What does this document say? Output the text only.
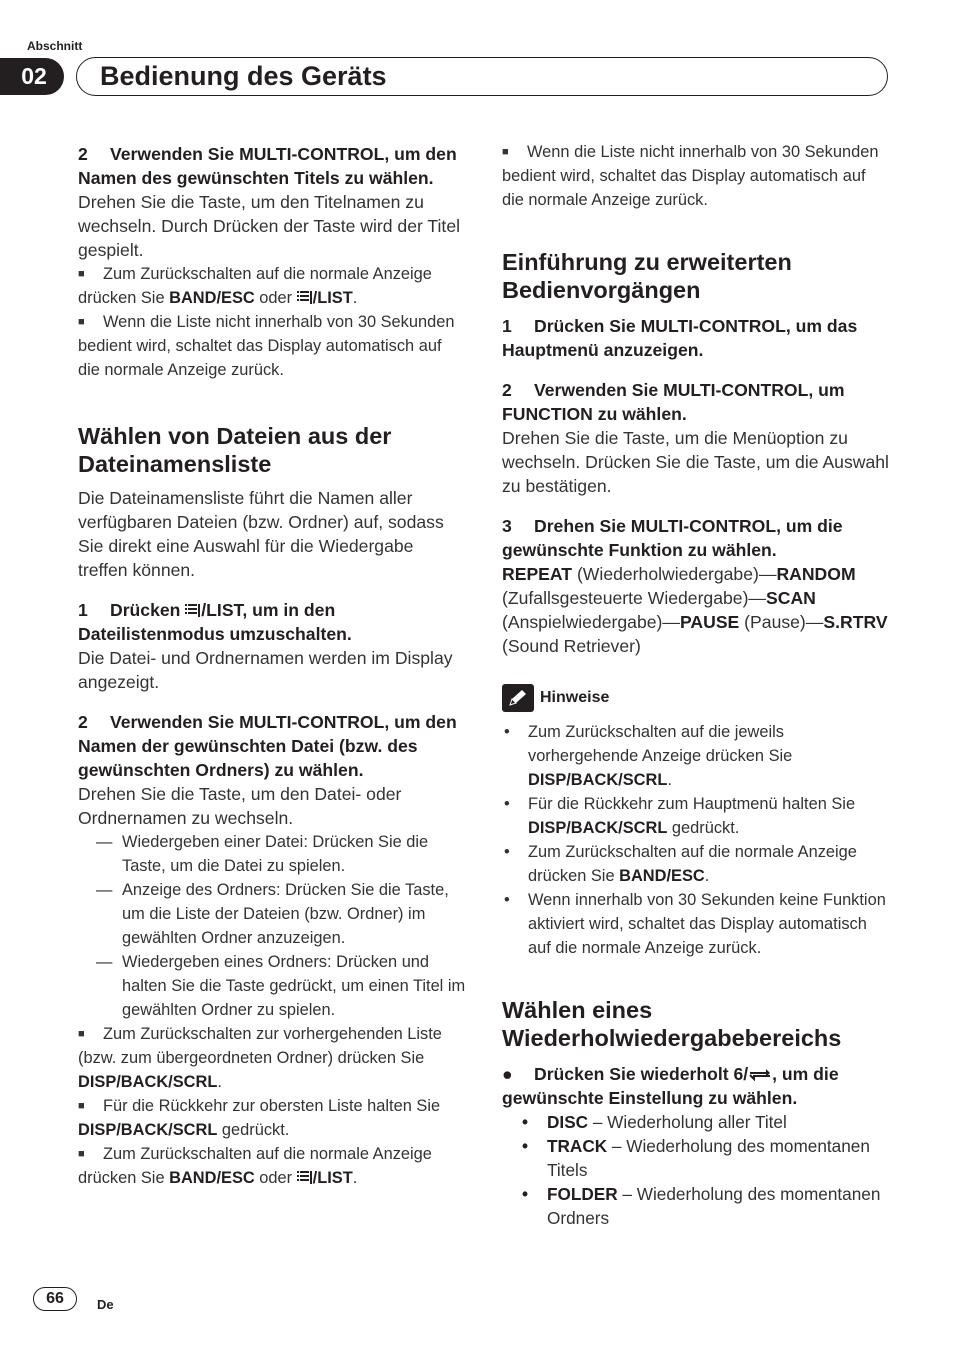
Abschnitt
02	Bedienung des Geräts

2 Verwenden Sie MULTI-CONTROL, um den Namen des gewünschten Titels zu wählen.

Drehen Sie die Taste, um den Titelnamen zu wechseln. Durch Drücken der Taste wird der Titel gespielt.

■ Zum Zurückschalten auf die normale Anzeige drücken Sie BAND/ESC oder /LIST.

■ Wenn die Liste nicht innerhalb von 30 Sekunden bedient wird, schaltet das Display automatisch auf die normale Anzeige zurück.

Wählen von Dateien aus der Dateinamensliste

Die Dateinamensliste führt die Namen aller verfügbaren Dateien (bzw. Ordner) auf, sodass Sie direkt eine Auswahl für die Wiedergabe treffen können.

1 Drücken /LIST, um in den Dateilistenmodus umzuschalten.

Die Datei- und Ordnernamen werden im Display angezeigt.

2 Verwenden Sie MULTI-CONTROL, um den Namen der gewünschten Datei (bzw. des gewünschten Ordners) zu wählen.

Drehen Sie die Taste, um den Datei- oder Ordnernamen zu wechseln.

— Wiedergeben einer Datei: Drücken Sie die Taste, um die Datei zu spielen.

— Anzeige des Ordners: Drücken Sie die Taste, um die Liste der Dateien (bzw. Ordner) im gewählten Ordner anzuzeigen.

— Wiedergeben eines Ordners: Drücken und halten Sie die Taste gedrückt, um einen Titel im gewählten Ordner zu spielen.

■ Zum Zurückschalten zur vorhergehenden Liste (bzw. zum übergeordneten Ordner) drücken Sie DISP/BACK/SCRL.

■ Für die Rückkehr zur obersten Liste halten Sie DISP/BACK/SCRL gedrückt.

■ Zum Zurückschalten auf die normale Anzeige drücken Sie BAND/ESC oder /LIST.

■ Wenn die Liste nicht innerhalb von 30 Sekunden bedient wird, schaltet das Display automatisch auf die normale Anzeige zurück.

Einführung zu erweiterten Bedienvorgängen

1 Drücken Sie MULTI-CONTROL, um das Hauptmenü anzuzeigen.

2 Verwenden Sie MULTI-CONTROL, um FUNCTION zu wählen.

Drehen Sie die Taste, um die Menüoption zu wechseln. Drücken Sie die Taste, um die Auswahl zu bestätigen.

3 Drehen Sie MULTI-CONTROL, um die gewünschte Funktion zu wählen.

REPEAT (Wiederholwiedergabe)—RANDOM (Zufallsgesteuerte Wiedergabe)—SCAN (Anspielwiedergabe)—PAUSE (Pause)—S.RTRV (Sound Retriever)

Hinweise

• Zum Zurückschalten auf die jeweils vorhergehende Anzeige drücken Sie DISP/BACK/SCRL.

• Für die Rückkehr zum Hauptmenü halten Sie DISP/BACK/SCRL gedrückt.

• Zum Zurückschalten auf die normale Anzeige drücken Sie BAND/ESC.

• Wenn innerhalb von 30 Sekunden keine Funktion aktiviert wird, schaltet das Display automatisch auf die normale Anzeige zurück.

Wählen eines Wiederholwiedergabebereichs

● Drücken Sie wiederholt 6/ , um die gewünschte Einstellung zu wählen.

• DISC – Wiederholung aller Titel

• TRACK – Wiederholung des momentanen Titels

• FOLDER – Wiederholung des momentanen Ordners

66	De
